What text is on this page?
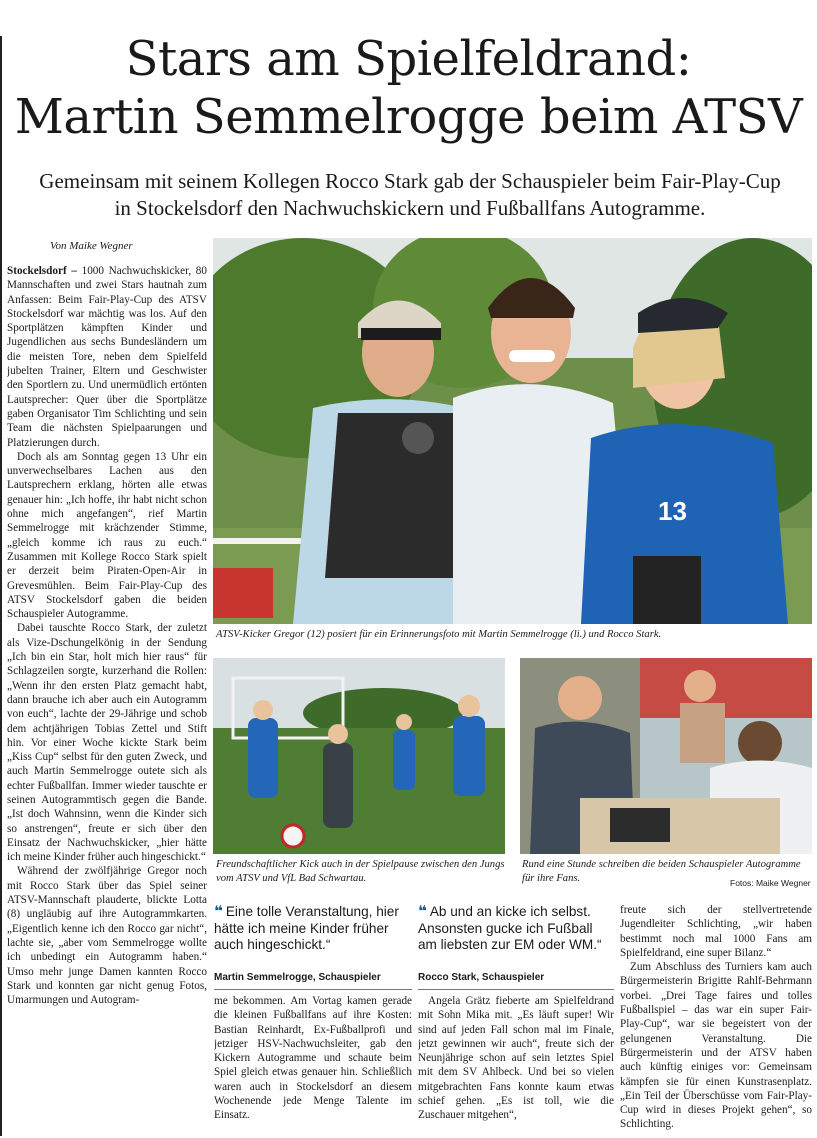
Stars am Spielfeldrand:
Martin Semmelrogge beim ATSV
Gemeinsam mit seinem Kollegen Rocco Stark gab der Schauspieler beim Fair-Play-Cup
in Stockelsdorf den Nachwuchskickern und Fußballfans Autogramme.
Von Maike Wegner

Stockelsdorf – 1000 Nachwuchskicker, 80 Mannschaften und zwei Stars hautnah zum Anfassen: Beim Fair-Play-Cup des ATSV Stockelsdorf war mächtig was los. Auf den Sportplätzen kämpften Kinder und Jugendlichen aus sechs Bundesländern um die meisten Tore, neben dem Spielfeld jubelten Trainer, Eltern und Geschwister den Sportlern zu. Und unermüdlich ertönten Lautsprecher: Quer über die Sportplätze gaben Organisator Tim Schlichting und sein Team die nächsten Spielpaarungen und Platzierungen durch.

Doch als am Sonntag gegen 13 Uhr ein unverwechselbares Lachen aus den Lautsprechern erklang, hörten alle etwas genauer hin: „Ich hoffe, ihr habt nicht schon ohne mich angefangen“, rief Martin Semmelrogge mit krächzender Stimme, „gleich komme ich raus zu euch.“ Zusammen mit Kollege Rocco Stark spielt er derzeit beim Piraten-Open-Air in Grevesmühlen. Beim Fair-Play-Cup des ATSV Stockelsdorf gaben die beiden Schauspieler Autogramme.

Dabei tauschte Rocco Stark, der zuletzt als Vize-Dschungelkönig in der Sendung „Ich bin ein Star, holt mich hier raus“ für Schlagzeilen sorgte, kurzerhand die Rollen: „Wenn ihr den ersten Platz gemacht habt, dann brauche ich aber auch ein Autogramm von euch“, lachte der 29-Jährige und schob dem achtjährigen Tobias Zettel und Stift hin. Vor einer Woche kickte Stark beim „Kiss Cup“ selbst für den guten Zweck, und auch Martin Semmelrogge outete sich als echter Fußballfan. Immer wieder tauschte er seinen Autogrammtisch gegen die Bande. „Ist doch Wahnsinn, wenn die Kinder sich so anstrengen“, freute er sich über den Einsatz der Nachwuchskicker, „hier hätte ich meine Kinder früher auch hingeschickt.“

Während der zwölfjährige Gregor noch mit Rocco Stark über das Spiel seiner ATSV-Mannschaft plauderte, blickte Lotta (8) ungläubig auf ihre Autogrammkarten. „Eigentlich kenne ich den Rocco gar nicht“, lachte sie, „aber vom Semmelrogge wollte ich unbedingt ein Autogramm haben.“ Umso mehr junge Damen kannten Rocco Stark und konnten gar nicht genug Fotos, Umarmungen und Autogram-

13
ATSV-Kicker Gregor (12) posiert für ein Erinnerungsfoto mit Martin Semmelrogge (li.) und Rocco Stark.
Freundschaftlicher Kick auch in der Spielpause zwischen den Jungs vom ATSV und VfL Bad Schwartau.
Rund eine Stunde schreiben die beiden Schauspieler Autogramme für ihre Fans.	Fotos: Maike Wegner
❝ Eine tolle Veranstaltung, hier hätte ich meine Kinder früher auch hingeschickt.“
Martin Semmelrogge, Schauspieler
❝ Ab und an kicke ich selbst. Ansonsten gucke ich Fußball am liebsten zur EM oder WM.“
Rocco Stark, Schauspieler

me bekommen. Am Vortag kamen gerade die kleinen Fußballfans auf ihre Kosten: Bastian Reinhardt, Ex-Fußballprofi und jetziger HSV-Nachwuchsleiter, gab den Kickern Autogramme und schaute beim Spiel gleich etwas genauer hin. Schließlich waren auch in Stockelsdorf an diesem Wochenende jede Menge Talente im Einsatz.

Angela Grätz fieberte am Spielfeldrand mit Sohn Mika mit. „Es läuft super! Wir sind auf jeden Fall schon mal im Finale, jetzt gewinnen wir auch“, freute sich der Neunjährige schon auf sein letztes Spiel mit dem SV Ahlbeck. Und bei so vielen mitgebrachten Fans konnte kaum etwas schief gehen. „Es ist toll, wie die Zuschauer mitgehen“,

freute sich der stellvertretende Jugendleiter Schlichting, „wir haben bestimmt noch mal 1000 Fans am Spielfeldrand, eine super Bilanz.“

Zum Abschluss des Turniers kam auch Bürgermeisterin Brigitte Rahlf-Behrmann vorbei. „Drei Tage faires und tolles Fußballspiel – das war ein super Fair-Play-Cup“, war sie begeistert von der gelungenen Veranstaltung. Die Bürgermeisterin und der ATSV haben auch künftig einiges vor: Gemeinsam kämpfen sie für einen Kunstrasenplatz. „Ein Teil der Überschüsse vom Fair-Play-Cup wird in dieses Projekt gehen“, so Schlichting.
